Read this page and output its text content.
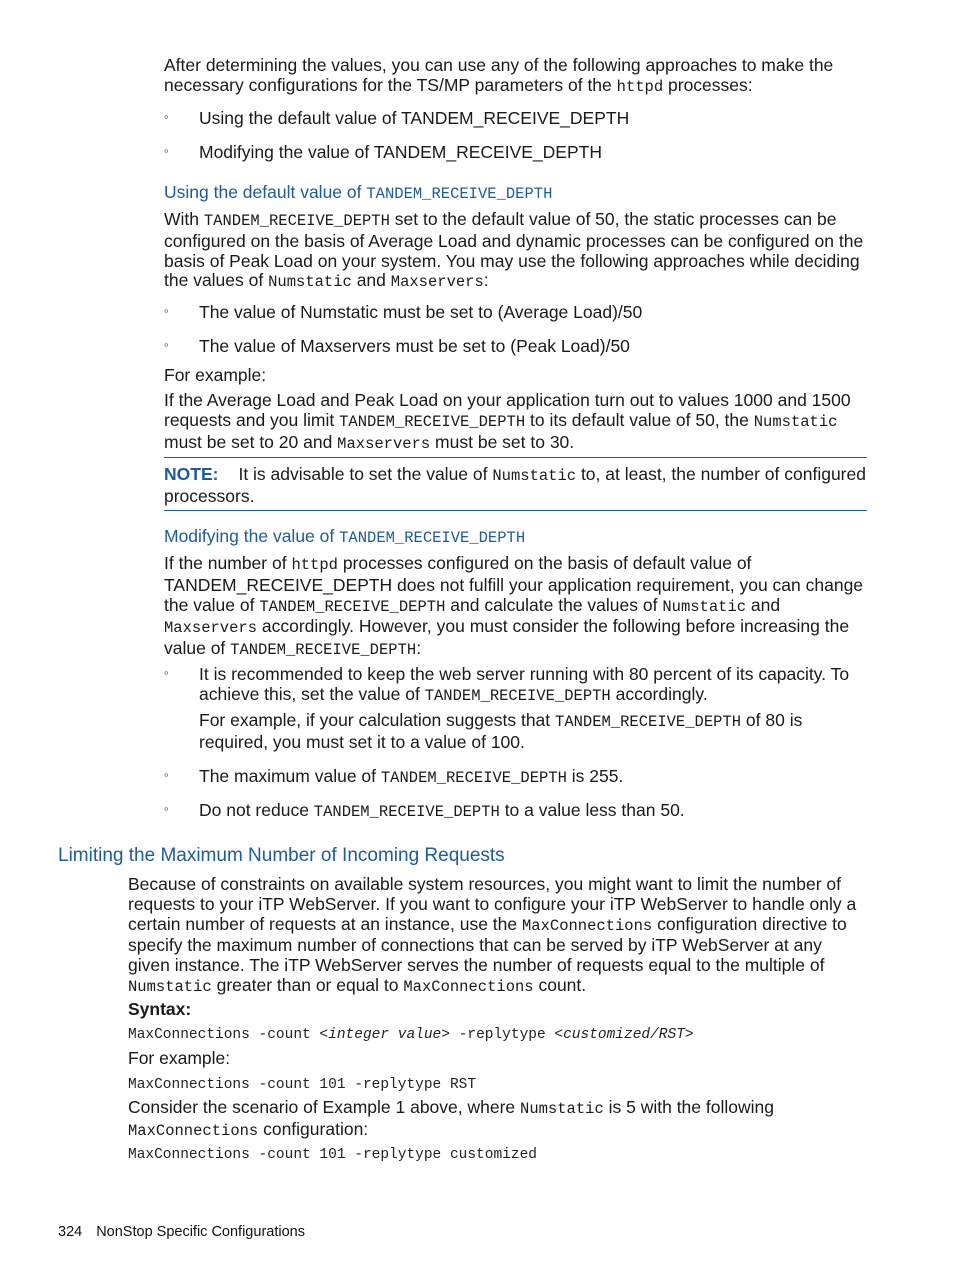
After determining the values, you can use any of the following approaches to make the necessary configurations for the TS/MP parameters of the httpd processes:

◦ Using the default value of TANDEM_RECEIVE_DEPTH
◦ Modifying the value of TANDEM_RECEIVE_DEPTH
Using the default value of TANDEM_RECEIVE_DEPTH

With TANDEM_RECEIVE_DEPTH set to the default value of 50, the static processes can be configured on the basis of Average Load and dynamic processes can be configured on the basis of Peak Load on your system. You may use the following approaches while deciding the values of Numstatic and Maxservers:

◦ The value of Numstatic must be set to (Average Load)/50
◦ The value of Maxservers must be set to (Peak Load)/50

For example:

If the Average Load and Peak Load on your application turn out to values 1000 and 1500 requests and you limit TANDEM_RECEIVE_DEPTH to its default value of 50, the Numstatic must be set to 20 and Maxservers must be set to 30.

NOTE: It is advisable to set the value of Numstatic to, at least, the number of configured processors.

Modifying the value of TANDEM_RECEIVE_DEPTH

If the number of httpd processes configured on the basis of default value of TANDEM_RECEIVE_DEPTH does not fulfill your application requirement, you can change the value of TANDEM_RECEIVE_DEPTH and calculate the values of Numstatic and Maxservers accordingly. However, you must consider the following before increasing the value of TANDEM_RECEIVE_DEPTH:

◦ It is recommended to keep the web server running with 80 percent of its capacity. To achieve this, set the value of TANDEM_RECEIVE_DEPTH accordingly.

For example, if your calculation suggests that TANDEM_RECEIVE_DEPTH of 80 is required, you must set it to a value of 100.

◦ The maximum value of TANDEM_RECEIVE_DEPTH is 255.
◦ Do not reduce TANDEM_RECEIVE_DEPTH to a value less than 50.
Limiting the Maximum Number of Incoming Requests

Because of constraints on available system resources, you might want to limit the number of requests to your iTP WebServer. If you want to configure your iTP WebServer to handle only a certain number of requests at an instance, use the MaxConnections configuration directive to specify the maximum number of connections that can be served by iTP WebServer at any given instance. The iTP WebServer serves the number of requests equal to the multiple of Numstatic greater than or equal to MaxConnections count.

Syntax:

MaxConnections -count <integer value> -replytype <customized/RST>

For example:

MaxConnections -count 101 -replytype RST

Consider the scenario of Example 1 above, where Numstatic is 5 with the following MaxConnections configuration:

MaxConnections -count 101 -replytype customized
324 NonStop Specific Configurations
